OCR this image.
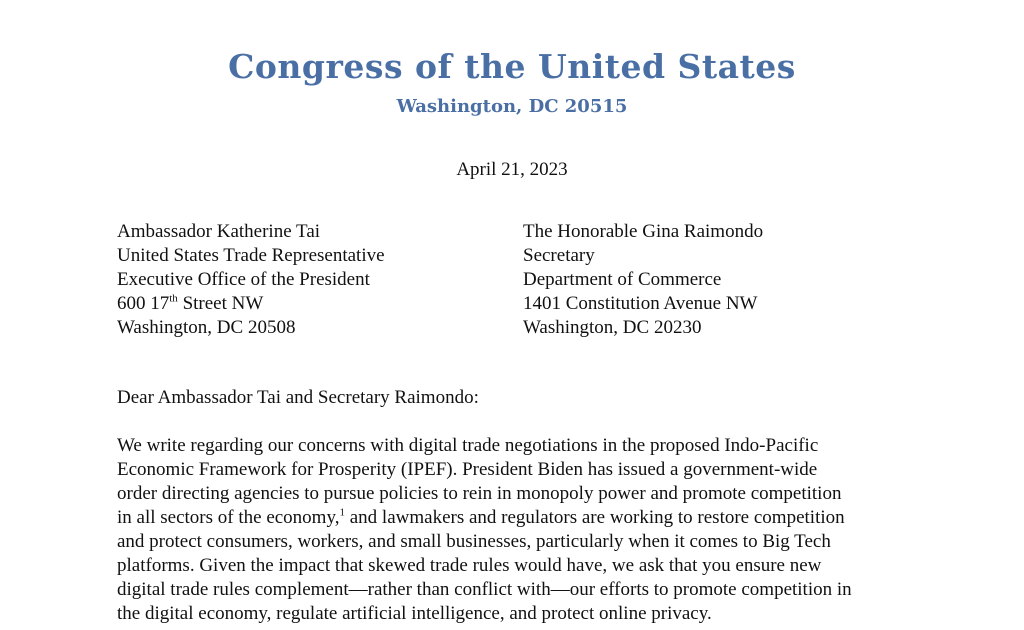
Congress of the United States
Washington, DC 20515
April 21, 2023
Ambassador Katherine Tai
United States Trade Representative
Executive Office of the President
600 17th Street NW
Washington, DC 20508
The Honorable Gina Raimondo
Secretary
Department of Commerce
1401 Constitution Avenue NW
Washington, DC 20230
Dear Ambassador Tai and Secretary Raimondo:
We write regarding our concerns with digital trade negotiations in the proposed Indo-Pacific
Economic Framework for Prosperity (IPEF). President Biden has issued a government-wide
order directing agencies to pursue policies to rein in monopoly power and promote competition
in all sectors of the economy,$^1$ and lawmakers and regulators are working to restore competition
and protect consumers, workers, and small businesses, particularly when it comes to Big Tech
platforms. Given the impact that skewed trade rules would have, we ask that you ensure new
digital trade rules complement—rather than conflict with—our efforts to promote competition in
the digital economy, regulate artificial intelligence, and protect online privacy.
